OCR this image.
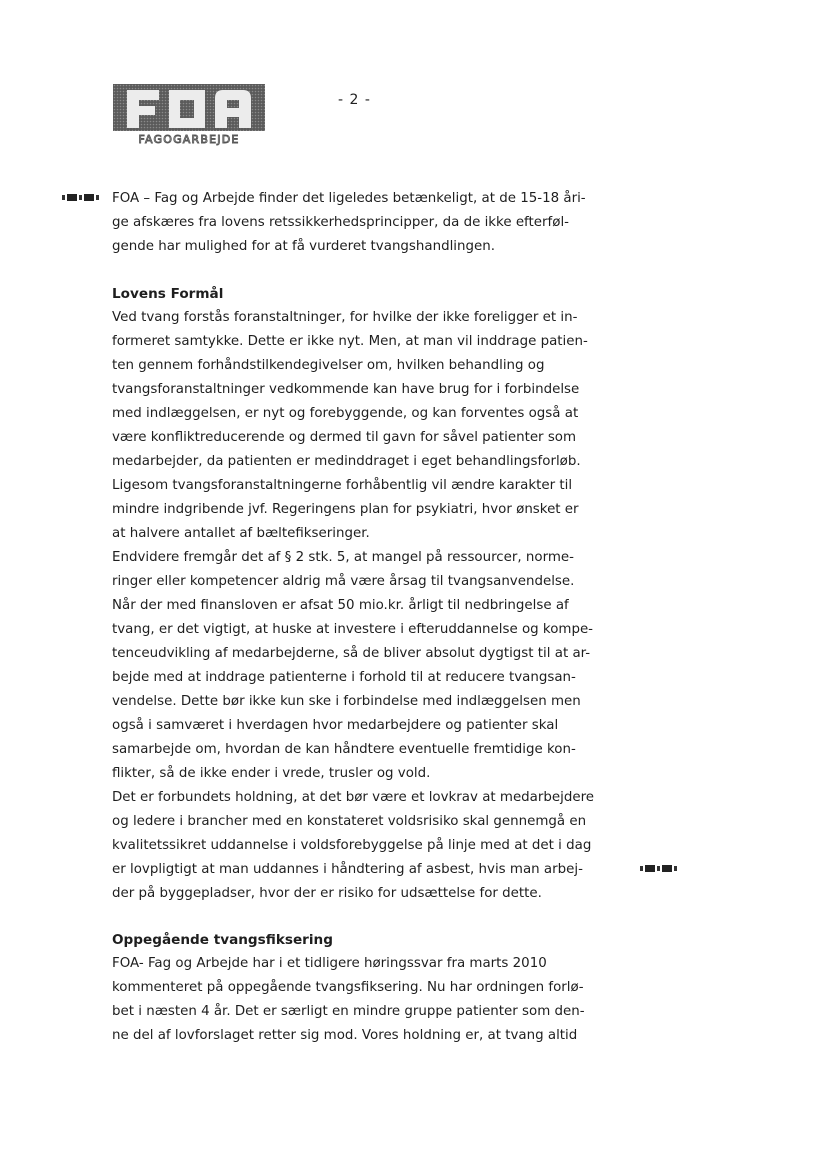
FAGOGARBEJDE
- 2 -
FOA – Fag og Arbejde finder det ligeledes betænkeligt, at de 15-18 åri-
ge afskæres fra lovens retssikkerhedsprincipper, da de ikke efterføl-
gende har mulighed for at få vurderet tvangshandlingen.
Lovens Formål
Ved tvang forstås foranstaltninger, for hvilke der ikke foreligger et in-
formeret samtykke. Dette er ikke nyt. Men, at man vil inddrage patien-
ten gennem forhåndstilkendegivelser om, hvilken behandling og
tvangsforanstaltninger vedkommende kan have brug for i forbindelse
med indlæggelsen, er nyt og forebyggende, og kan forventes også at
være konfliktreducerende og dermed til gavn for såvel patienter som
medarbejder, da patienten er medinddraget i eget behandlingsforløb.
Ligesom tvangsforanstaltningerne forhåbentlig vil ændre karakter til
mindre indgribende jvf. Regeringens plan for psykiatri, hvor ønsket er
at halvere antallet af bæltefikseringer.
Endvidere fremgår det af § 2 stk. 5, at mangel på ressourcer, norme-
ringer eller kompetencer aldrig må være årsag til tvangsanvendelse.
Når der med finansloven er afsat 50 mio.kr. årligt til nedbringelse af
tvang, er det vigtigt, at huske at investere i efteruddannelse og kompe-
tenceudvikling af medarbejderne, så de bliver absolut dygtigst til at ar-
bejde med at inddrage patienterne i forhold til at reducere tvangsan-
vendelse. Dette bør ikke kun ske i forbindelse med indlæggelsen men
også i samværet i hverdagen hvor medarbejdere og patienter skal
samarbejde om, hvordan de kan håndtere eventuelle fremtidige kon-
flikter, så de ikke ender i vrede, trusler og vold.
Det er forbundets holdning, at det bør være et lovkrav at medarbejdere
og ledere i brancher med en konstateret voldsrisiko skal gennemgå en
kvalitetssikret uddannelse i voldsforebyggelse på linje med at det i dag
er lovpligtigt at man uddannes i håndtering af asbest, hvis man arbej-
der på byggepladser, hvor der er risiko for udsættelse for dette.
Oppegående tvangsfiksering
FOA- Fag og Arbejde har i et tidligere høringssvar fra marts 2010
kommenteret på oppegående tvangsfiksering. Nu har ordningen forlø-
bet i næsten 4 år. Det er særligt en mindre gruppe patienter som den-
ne del af lovforslaget retter sig mod. Vores holdning er, at tvang altid
